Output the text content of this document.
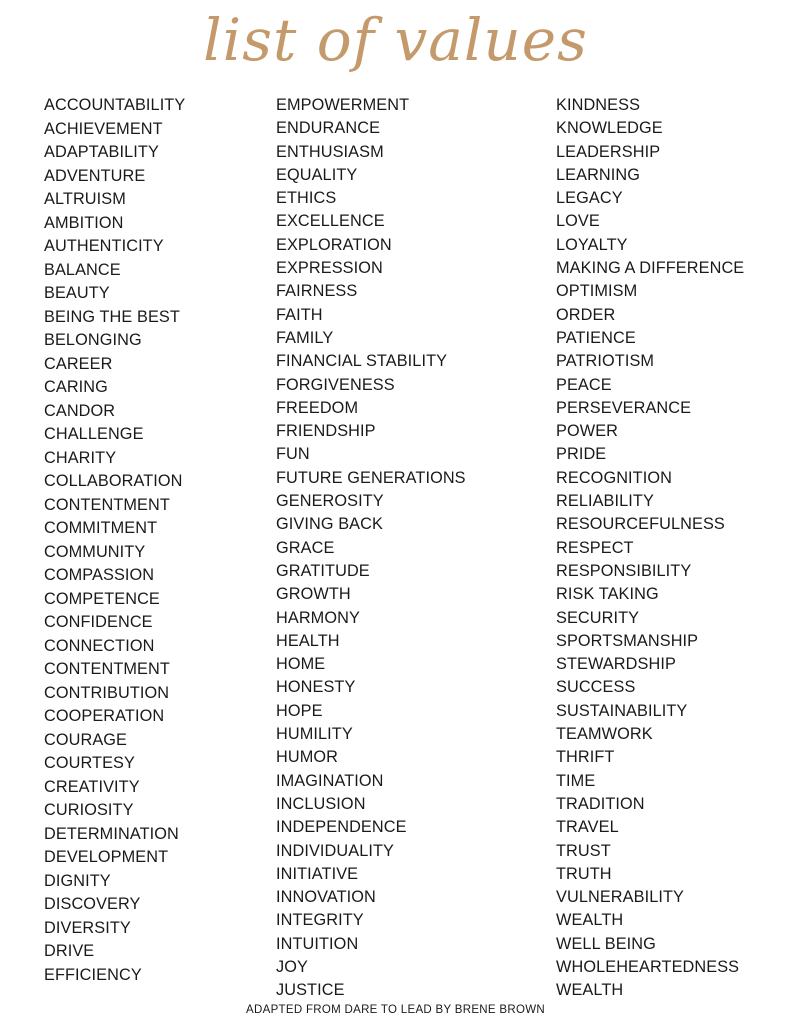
list of values
ACCOUNTABILITY
ACHIEVEMENT
ADAPTABILITY
ADVENTURE
ALTRUISM
AMBITION
AUTHENTICITY
BALANCE
BEAUTY
BEING THE BEST
BELONGING
CAREER
CARING
CANDOR
CHALLENGE
CHARITY
COLLABORATION
CONTENTMENT
COMMITMENT
COMMUNITY
COMPASSION
COMPETENCE
CONFIDENCE
CONNECTION
CONTENTMENT
CONTRIBUTION
COOPERATION
COURAGE
COURTESY
CREATIVITY
CURIOSITY
DETERMINATION
DEVELOPMENT
DIGNITY
DISCOVERY
DIVERSITY
DRIVE
EFFICIENCY
EMPOWERMENT
ENDURANCE
ENTHUSIASM
EQUALITY
ETHICS
EXCELLENCE
EXPLORATION
EXPRESSION
FAIRNESS
FAITH
FAMILY
FINANCIAL STABILITY
FORGIVENESS
FREEDOM
FRIENDSHIP
FUN
FUTURE GENERATIONS
GENEROSITY
GIVING BACK
GRACE
GRATITUDE
GROWTH
HARMONY
HEALTH
HOME
HONESTY
HOPE
HUMILITY
HUMOR
IMAGINATION
INCLUSION
INDEPENDENCE
INDIVIDUALITY
INITIATIVE
INNOVATION
INTEGRITY
INTUITION
JOY
JUSTICE
KINDNESS
KNOWLEDGE
LEADERSHIP
LEARNING
LEGACY
LOVE
LOYALTY
MAKING A DIFFERENCE
OPTIMISM
ORDER
PATIENCE
PATRIOTISM
PEACE
PERSEVERANCE
POWER
PRIDE
RECOGNITION
RELIABILITY
RESOURCEFULNESS
RESPECT
RESPONSIBILITY
RISK TAKING
SECURITY
SPORTSMANSHIP
STEWARDSHIP
SUCCESS
SUSTAINABILITY
TEAMWORK
THRIFT
TIME
TRADITION
TRAVEL
TRUST
TRUTH
VULNERABILITY
WEALTH
WELL BEING
WHOLEHEARTEDNESS
WEALTH
ADAPTED FROM DARE TO LEAD BY BRENE BROWN
